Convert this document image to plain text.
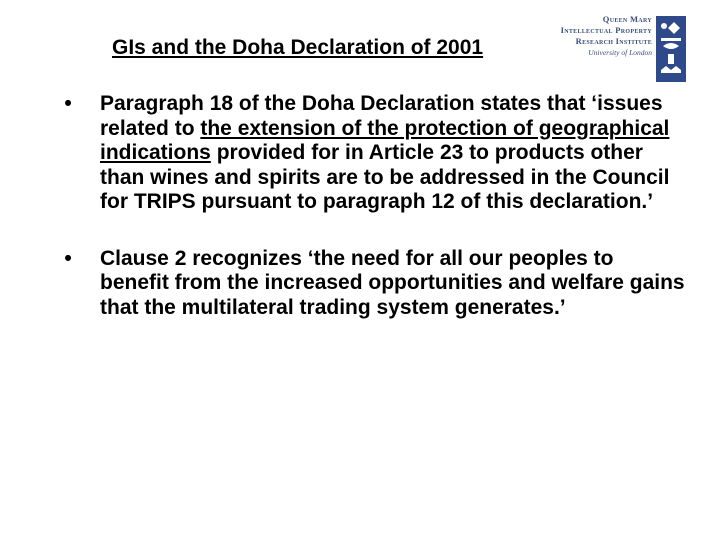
GIs and the Doha Declaration of 2001
Queen Mary
Intellectual Property
Research Institute
University of London
•	Paragraph 18 of the Doha Declaration states that ‘issues related to the extension of the protection of geographical indications provided for in Article 23 to products other than wines and spirits are to be addressed in the Council for TRIPS pursuant to paragraph 12 of this declaration.’
•	Clause 2 recognizes ‘the need for all our peoples to benefit from the increased opportunities and welfare gains that the multilateral trading system generates.’
